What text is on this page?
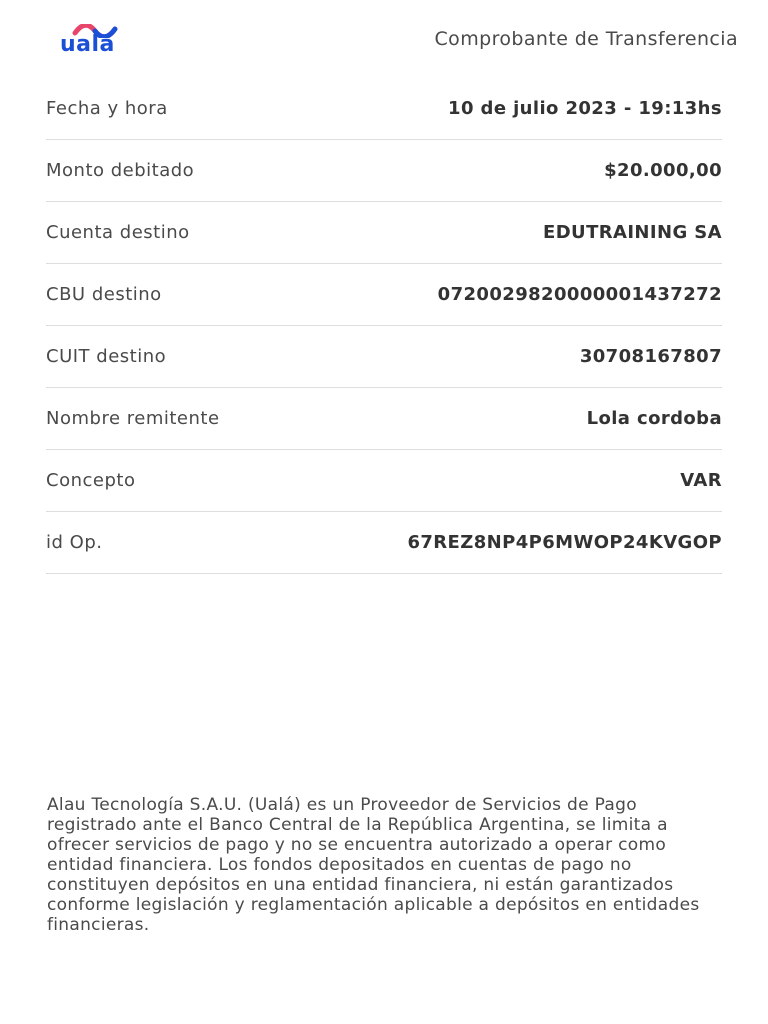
ualá	Comprobante de Transferencia
Fecha y hora	10 de julio 2023 - 19:13hs
Monto debitado	$20.000,00
Cuenta destino	EDUTRAINING SA
CBU destino	0720029820000001437272
CUIT destino	30708167807
Nombre remitente	Lola cordoba
Concepto	VAR
id Op.	67REZ8NP4P6MWOP24KVGOP
Alau Tecnología S.A.U. (Ualá) es un Proveedor de Servicios de Pago registrado ante el Banco Central de la República Argentina, se limita a ofrecer servicios de pago y no se encuentra autorizado a operar como entidad financiera. Los fondos depositados en cuentas de pago no constituyen depósitos en una entidad financiera, ni están garantizados conforme legislación y reglamentación aplicable a depósitos en entidades financieras.
